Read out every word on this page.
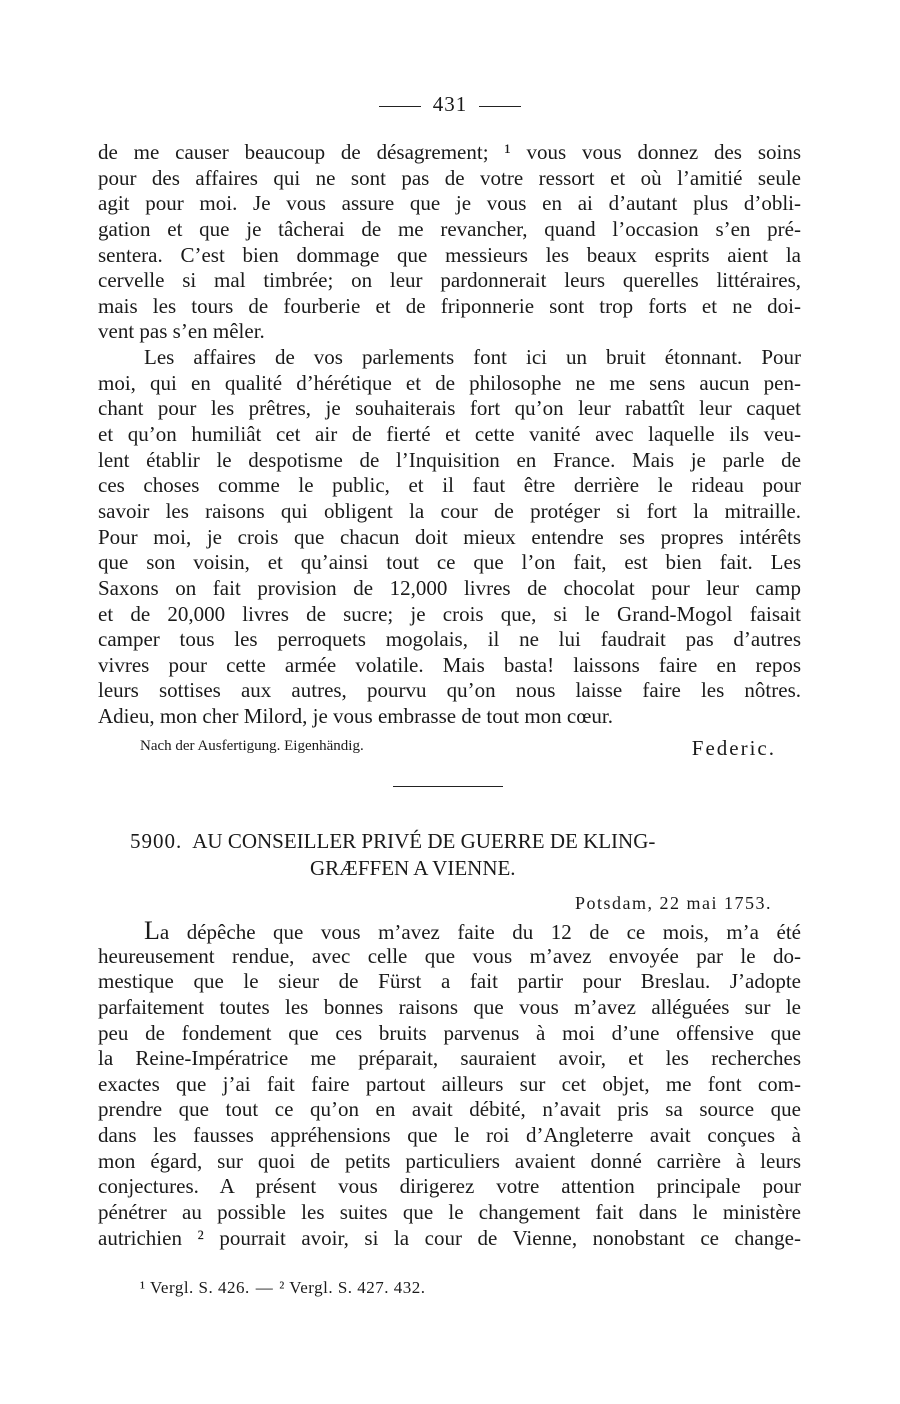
431
de me causer beaucoup de désagrement; ¹ vous vous donnez des soins
pour des affaires qui ne sont pas de votre ressort et où l’amitié seule
agit pour moi. Je vous assure que je vous en ai d’autant plus d’obli-
gation et que je tâcherai de me revancher, quand l’occasion s’en pré-
sentera. C’est bien dommage que messieurs les beaux esprits aient la
cervelle si mal timbrée; on leur pardonnerait leurs querelles littéraires,
mais les tours de fourberie et de friponnerie sont trop forts et ne doi-
vent pas s’en mêler.
Les affaires de vos parlements font ici un bruit étonnant. Pour
moi, qui en qualité d’hérétique et de philosophe ne me sens aucun pen-
chant pour les prêtres, je souhaiterais fort qu’on leur rabattît leur caquet
et qu’on humiliât cet air de fierté et cette vanité avec laquelle ils veu-
lent établir le despotisme de l’Inquisition en France. Mais je parle de
ces choses comme le public, et il faut être derrière le rideau pour
savoir les raisons qui obligent la cour de protéger si fort la mitraille.
Pour moi, je crois que chacun doit mieux entendre ses propres intérêts
que son voisin, et qu’ainsi tout ce que l’on fait, est bien fait. Les
Saxons on fait provision de 12,000 livres de chocolat pour leur camp
et de 20,000 livres de sucre; je crois que, si le Grand-Mogol faisait
camper tous les perroquets mogolais, il ne lui faudrait pas d’autres
vivres pour cette armée volatile. Mais basta! laissons faire en repos
leurs sottises aux autres, pourvu qu’on nous laisse faire les nôtres.
Adieu, mon cher Milord, je vous embrasse de tout mon cœur.
Nach der Ausfertigung. Eigenhändig.	Federic.
5900. AU CONSEILLER PRIVÉ DE GUERRE DE KLING-
GRÆFFEN A VIENNE.
Potsdam, 22 mai 1753.
La dépêche que vous m’avez faite du 12 de ce mois, m’a été
heureusement rendue, avec celle que vous m’avez envoyée par le do-
mestique que le sieur de Fürst a fait partir pour Breslau. J’adopte
parfaitement toutes les bonnes raisons que vous m’avez alléguées sur le
peu de fondement que ces bruits parvenus à moi d’une offensive que
la Reine-Impératrice me préparait, sauraient avoir, et les recherches
exactes que j’ai fait faire partout ailleurs sur cet objet, me font com-
prendre que tout ce qu’on en avait débité, n’avait pris sa source que
dans les fausses appréhensions que le roi d’Angleterre avait conçues à
mon égard, sur quoi de petits particuliers avaient donné carrière à leurs
conjectures. A présent vous dirigerez votre attention principale pour
pénétrer au possible les suites que le changement fait dans le ministère
autrichien ² pourrait avoir, si la cour de Vienne, nonobstant ce change-
¹ Vergl. S. 426. — ² Vergl. S. 427. 432.
